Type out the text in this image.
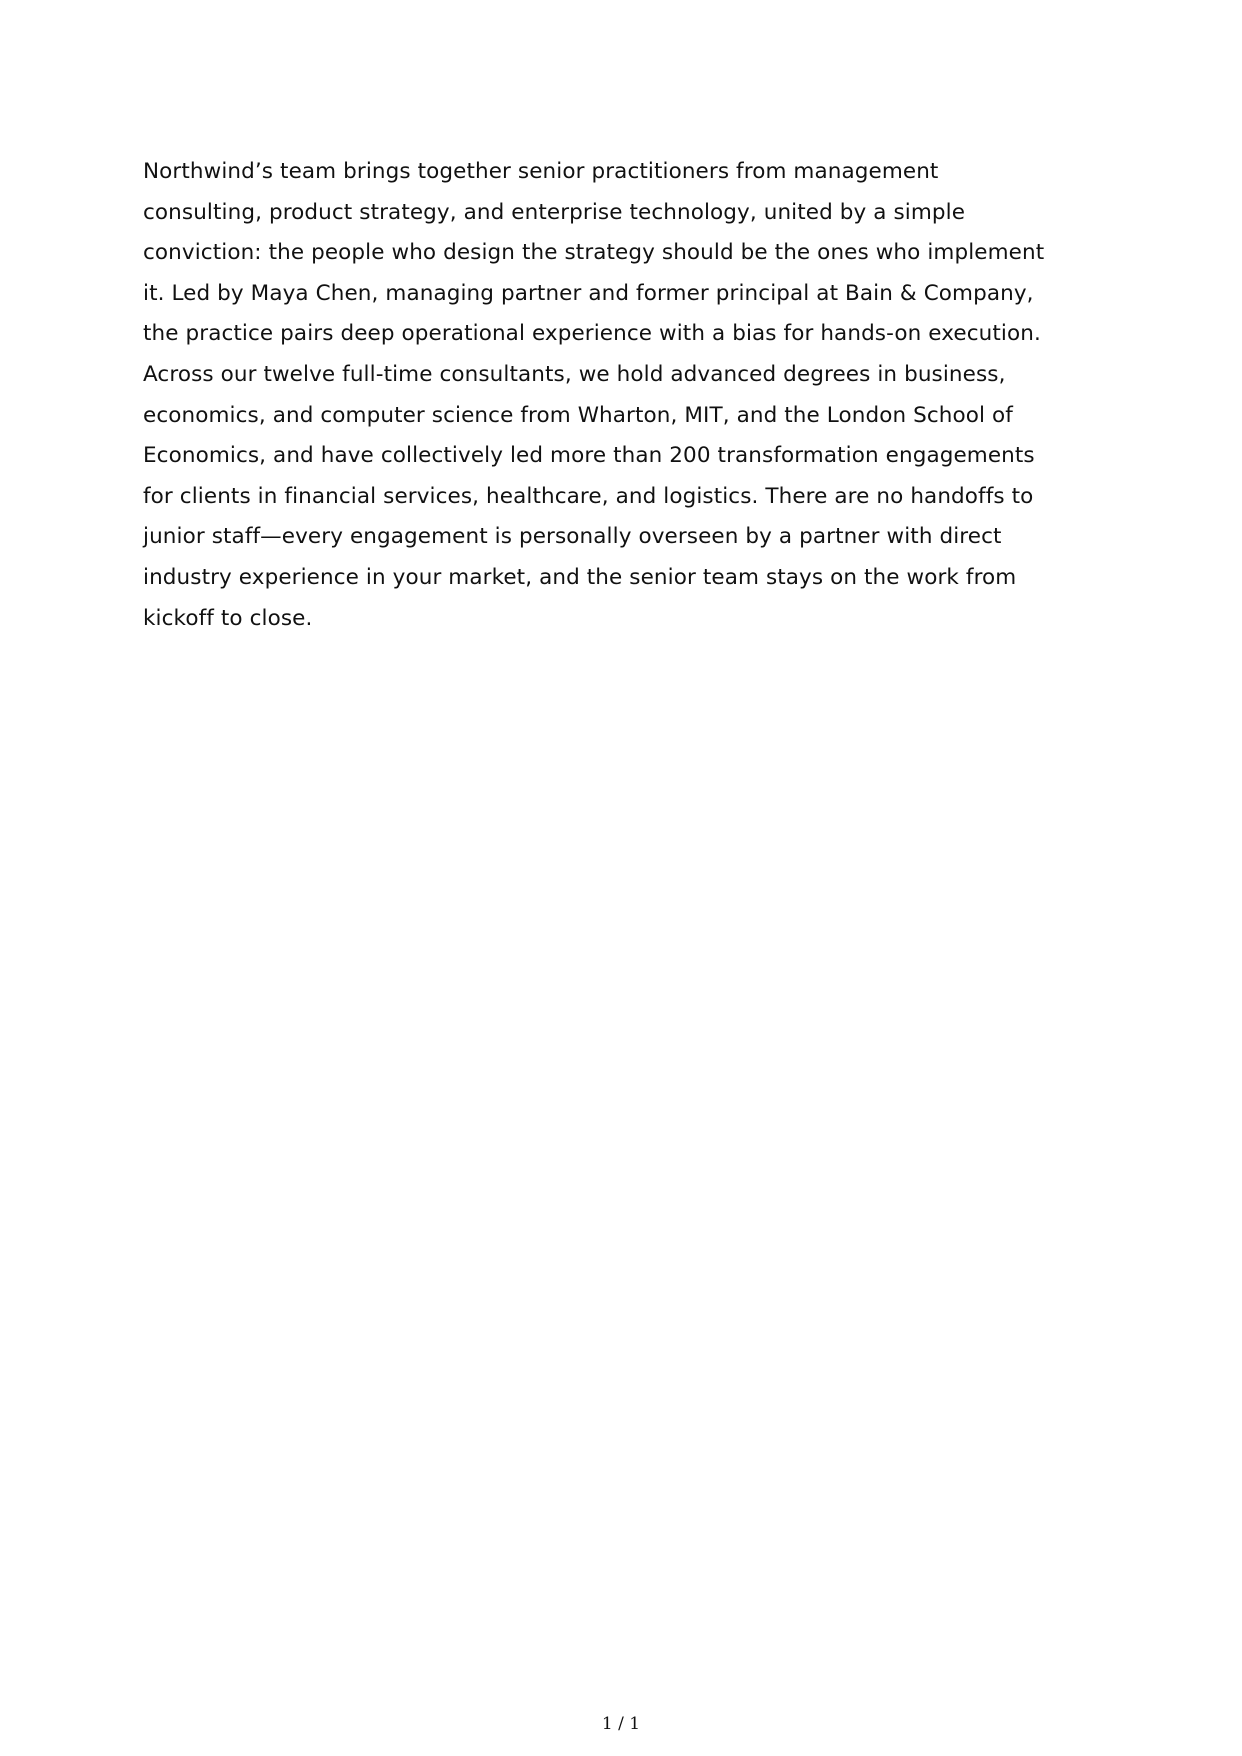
Northwind’s team brings together senior practitioners from management consulting, product strategy, and enterprise technology, united by a simple conviction: the people who design the strategy should be the ones who implement it. Led by Maya Chen, managing partner and former principal at Bain & Company, the practice pairs deep operational experience with a bias for hands-on execution. Across our twelve full-time consultants, we hold advanced degrees in business, economics, and computer science from Wharton, MIT, and the London School of Economics, and have collectively led more than 200 transformation engagements for clients in financial services, healthcare, and logistics. There are no handoffs to junior staff—every engagement is personally overseen by a partner with direct industry experience in your market, and the senior team stays on the work from kickoff to close.

1 / 1
